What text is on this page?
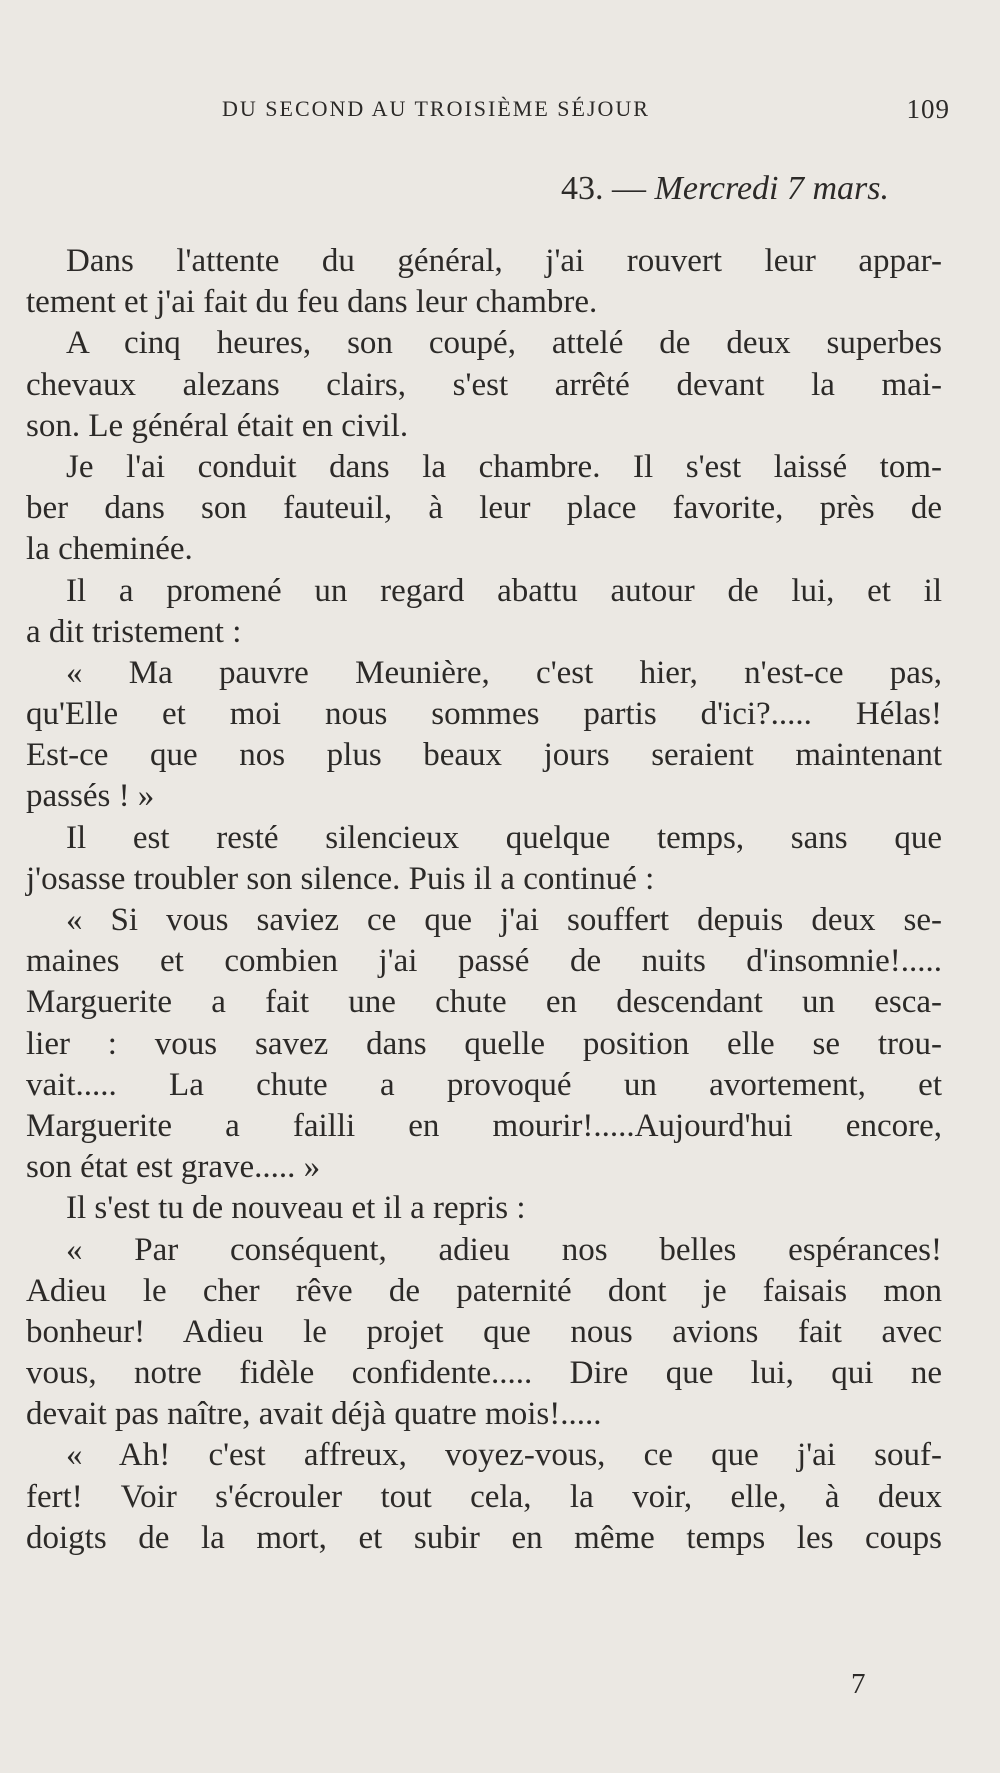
DU SECOND AU TROISIÈME SÉJOUR	109
43. — Mercredi 7 mars.
Dans l'attente du général, j'ai rouvert leur appar-
tement et j'ai fait du feu dans leur chambre.
A cinq heures, son coupé, attelé de deux superbes
chevaux alezans clairs, s'est arrêté devant la mai-
son. Le général était en civil.
Je l'ai conduit dans la chambre. Il s'est laissé tom-
ber dans son fauteuil, à leur place favorite, près de
la cheminée.
Il a promené un regard abattu autour de lui, et il
a dit tristement :
« Ma pauvre Meunière, c'est hier, n'est-ce pas,
qu'Elle et moi nous sommes partis d'ici?..... Hélas!
Est-ce que nos plus beaux jours seraient maintenant
passés ! »
Il est resté silencieux quelque temps, sans que
j'osasse troubler son silence. Puis il a continué :
« Si vous saviez ce que j'ai souffert depuis deux se-
maines et combien j'ai passé de nuits d'insomnie!.....
Marguerite a fait une chute en descendant un esca-
lier : vous savez dans quelle position elle se trou-
vait..... La chute a provoqué un avortement, et
Marguerite a failli en mourir!.....Aujourd'hui encore,
son état est grave..... »
Il s'est tu de nouveau et il a repris :
« Par conséquent, adieu nos belles espérances!
Adieu le cher rêve de paternité dont je faisais mon
bonheur! Adieu le projet que nous avions fait avec
vous, notre fidèle confidente..... Dire que lui, qui ne
devait pas naître, avait déjà quatre mois!.....
« Ah! c'est affreux, voyez-vous, ce que j'ai souf-
fert! Voir s'écrouler tout cela, la voir, elle, à deux
doigts de la mort, et subir en même temps les coups
7
